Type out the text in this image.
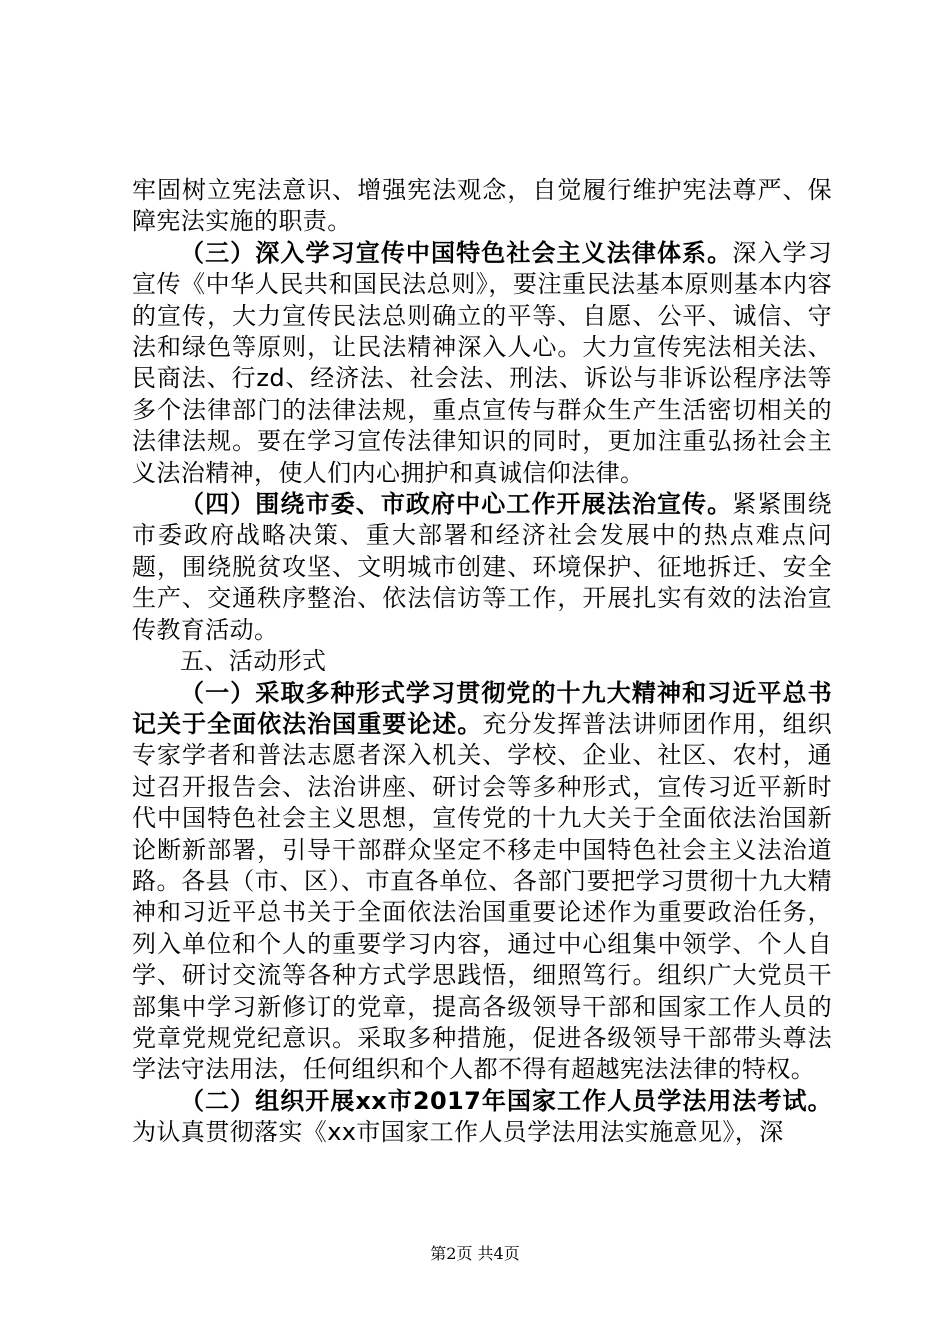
牢固树立宪法意识、增强宪法观念，自觉履行维护宪法尊严、保障宪法实施的职责。

（三）深入学习宣传中国特色社会主义法律体系。深入学习宣传《中华人民共和国民法总则》，要注重民法基本原则基本内容的宣传，大力宣传民法总则确立的平等、自愿、公平、诚信、守法和绿色等原则，让民法精神深入人心。大力宣传宪法相关法、民商法、行zd、经济法、社会法、刑法、诉讼与非诉讼程序法等多个法律部门的法律法规，重点宣传与群众生产生活密切相关的法律法规。要在学习宣传法律知识的同时，更加注重弘扬社会主义法治精神，使人们内心拥护和真诚信仰法律。

（四）围绕市委、市政府中心工作开展法治宣传。紧紧围绕市委政府战略决策、重大部署和经济社会发展中的热点难点问题，围绕脱贫攻坚、文明城市创建、环境保护、征地拆迁、安全生产、交通秩序整治、依法信访等工作，开展扎实有效的法治宣传教育活动。

五、活动形式

（一）采取多种形式学习贯彻党的十九大精神和习近平总书记关于全面依法治国重要论述。充分发挥普法讲师团作用，组织专家学者和普法志愿者深入机关、学校、企业、社区、农村，通过召开报告会、法治讲座、研讨会等多种形式，宣传习近平新时代中国特色社会主义思想，宣传党的十九大关于全面依法治国新论断新部署，引导干部群众坚定不移走中国特色社会主义法治道路。各县（市、区）、市直各单位、各部门要把学习贯彻十九大精神和习近平总书关于全面依法治国重要论述作为重要政治任务，列入单位和个人的重要学习内容，通过中心组集中领学、个人自学、研讨交流等各种方式学思践悟，细照笃行。组织广大党员干部集中学习新修订的党章，提高各级领导干部和国家工作人员的党章党规党纪意识。采取多种措施，促进各级领导干部带头尊法学法守法用法，任何组织和个人都不得有超越宪法法律的特权。

（二）组织开展xx市2017年国家工作人员学法用法考试。为认真贯彻落实《xx市国家工作人员学法用法实施意见》，深

第2页 共4页
